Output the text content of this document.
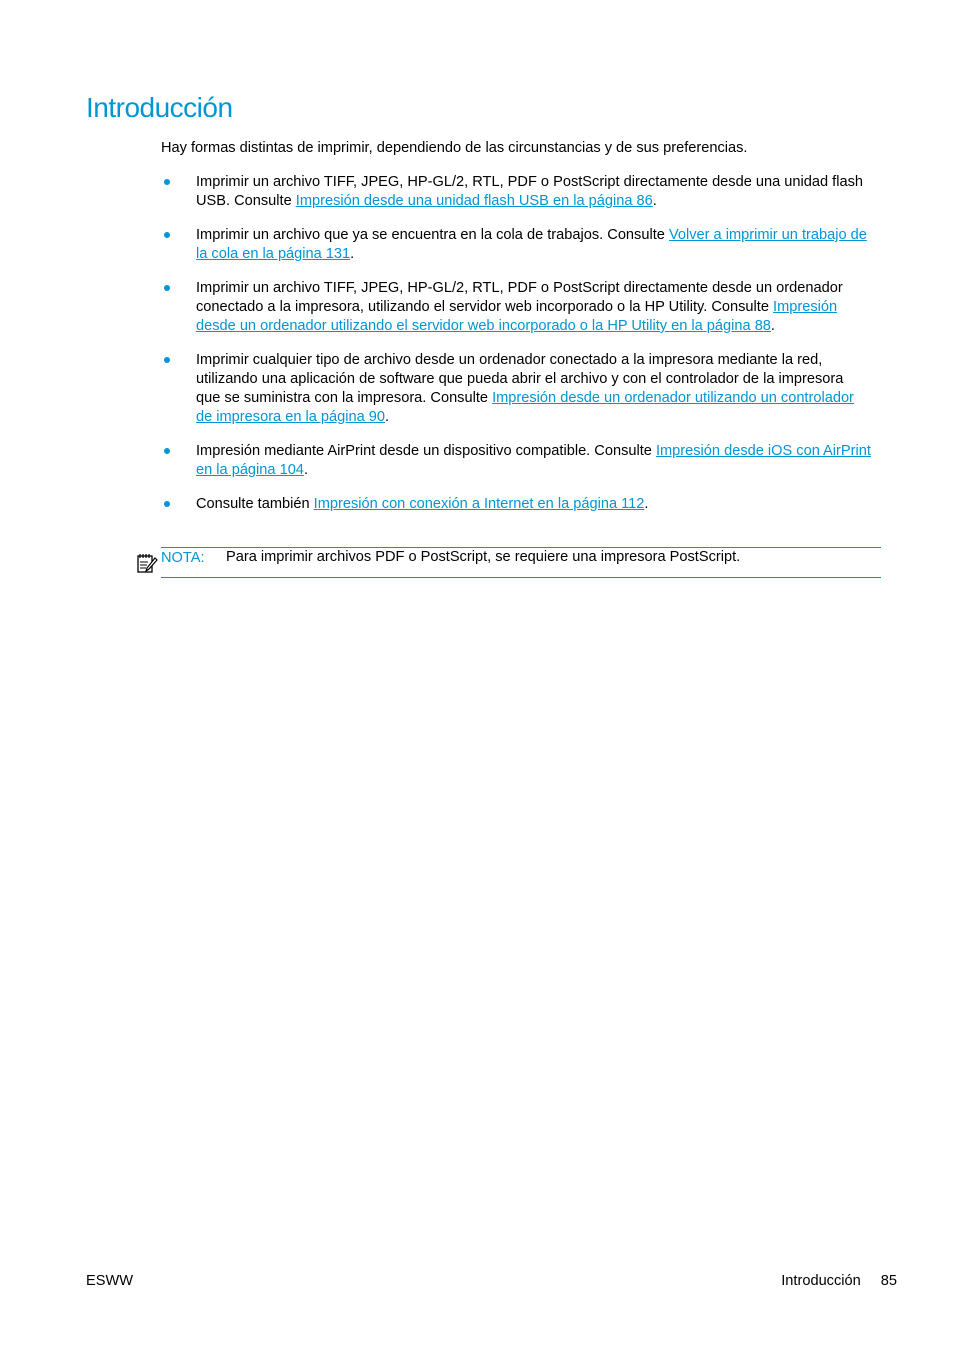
Introducción

Hay formas distintas de imprimir, dependiendo de las circunstancias y de sus preferencias.

Imprimir un archivo TIFF, JPEG, HP-GL/2, RTL, PDF o PostScript directamente desde una unidad flash USB. Consulte Impresión desde una unidad flash USB en la página 86.
Imprimir un archivo que ya se encuentra en la cola de trabajos. Consulte Volver a imprimir un trabajo de la cola en la página 131.
Imprimir un archivo TIFF, JPEG, HP-GL/2, RTL, PDF o PostScript directamente desde un ordenador conectado a la impresora, utilizando el servidor web incorporado o la HP Utility. Consulte Impresión desde un ordenador utilizando el servidor web incorporado o la HP Utility en la página 88.
Imprimir cualquier tipo de archivo desde un ordenador conectado a la impresora mediante la red, utilizando una aplicación de software que pueda abrir el archivo y con el controlador de la impresora que se suministra con la impresora. Consulte Impresión desde un ordenador utilizando un controlador de impresora en la página 90.
Impresión mediante AirPrint desde un dispositivo compatible. Consulte Impresión desde iOS con AirPrint en la página 104.
Consulte también Impresión con conexión a Internet en la página 112.
NOTA: Para imprimir archivos PDF o PostScript, se requiere una impresora PostScript.
ESWW	Introducción 85
